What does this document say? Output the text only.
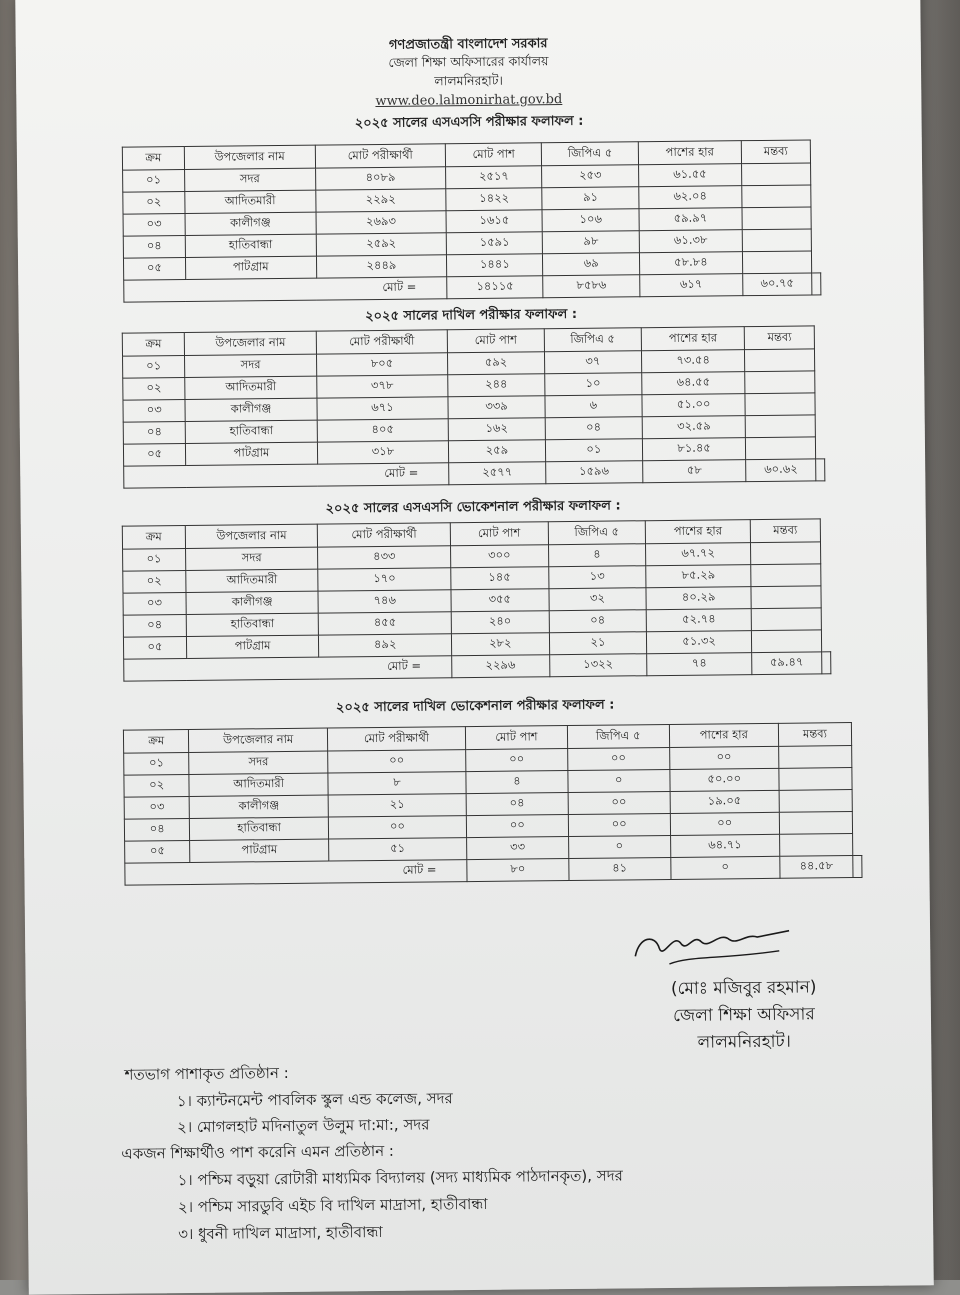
গণপ্রজাতন্ত্রী বাংলাদেশ সরকার
জেলা শিক্ষা অফিসারের কার্যালয়
লালমনিরহাট।
www.deo.lalmonirhat.gov.bd
২০২৫ সালের এসএসসি পরীক্ষার ফলাফল :
২০২৫ সালের দাখিল পরীক্ষার ফলাফল :
২০২৫ সালের এসএসসি ভোকেশনাল পরীক্ষার ফলাফল :
২০২৫ সালের দাখিল ভোকেশনাল পরীক্ষার ফলাফল :
ক্রম	উপজেলার নাম	মোট পরীক্ষার্থী	মোট পাশ	জিপিএ ৫	পাশের হার	মন্তব্য	
০১	সদর	৪০৮৯	২৫১৭	২৫৩	৬১.৫৫		
০২	আদিতমারী	২২৯২	১৪২২	৯১	৬২.০৪		
০৩	কালীগঞ্জ	২৬৯৩	১৬১৫	১০৬	৫৯.৯৭		
০৪	হাতিবান্ধা	২৫৯২	১৫৯১	৯৮	৬১.৩৮		
০৫	পাটগ্রাম	২৪৪৯	১৪৪১	৬৯	৫৮.৮৪		
মোট =			১৪১১৫	৮৫৮৬	৬১৭	৬০.৭৫	
ক্রম	উপজেলার নাম	মোট পরীক্ষার্থী	মোট পাশ	জিপিএ ৫	পাশের হার	মন্তব্য	
০১	সদর	৮০৫	৫৯২	৩৭	৭৩.৫৪		
০২	আদিতমারী	৩৭৮	২৪৪	১০	৬৪.৫৫		
০৩	কালীগঞ্জ	৬৭১	৩৩৯	৬	৫১.০০		
০৪	হাতিবান্ধা	৪০৫	১৬২	০৪	৩২.৫৯		
০৫	পাটগ্রাম	৩১৮	২৫৯	০১	৮১.৪৫		
মোট =			২৫৭৭	১৫৯৬	৫৮	৬০.৬২	
ক্রম	উপজেলার নাম	মোট পরীক্ষার্থী	মোট পাশ	জিপিএ ৫	পাশের হার	মন্তব্য	
০১	সদর	৪৩৩	৩০০	৪	৬৭.৭২		
০২	আদিতমারী	১৭০	১৪৫	১৩	৮৫.২৯		
০৩	কালীগঞ্জ	৭৪৬	৩৫৫	৩২	৪০.২৯		
০৪	হাতিবান্ধা	৪৫৫	২৪০	০৪	৫২.৭৪		
০৫	পাটগ্রাম	৪৯২	২৮২	২১	৫১.৩২		
মোট =			২২৯৬	১৩২২	৭৪	৫৯.৪৭	
ক্রম	উপজেলার নাম	মোট পরীক্ষার্থী	মোট পাশ	জিপিএ ৫	পাশের হার	মন্তব্য	
০১	সদর	০০	০০	০০	০০		
০২	আদিতমারী	৮	৪	০	৫০.০০		
০৩	কালীগঞ্জ	২১	০৪	০০	১৯.০৫		
০৪	হাতিবান্ধা	০০	০০	০০	০০		
০৫	পাটগ্রাম	৫১	৩৩	০	৬৪.৭১		
মোট =			৮০	৪১	০	৪৪.৫৮	
(মোঃ মজিবুর রহমান)
জেলা শিক্ষা অফিসার
লালমনিরহাট।
শতভাগ পাশাকৃত প্রতিষ্ঠান :
১। ক্যান্টনমেন্ট পাবলিক স্কুল এন্ড কলেজ, সদর
২। মোগলহাট মদিনাতুল উলুম দা:মা:, সদর
একজন শিক্ষার্থীও পাশ করেনি এমন প্রতিষ্ঠান :
১। পশ্চিম বড়ুয়া রোটারী মাধ্যমিক বিদ্যালয় (সদ্য মাধ্যমিক পাঠদানকৃত), সদর
২। পশ্চিম সারডুবি এইচ বি দাখিল মাদ্রাসা, হাতীবান্ধা
৩। ধুবনী দাখিল মাদ্রাসা, হাতীবান্ধা
